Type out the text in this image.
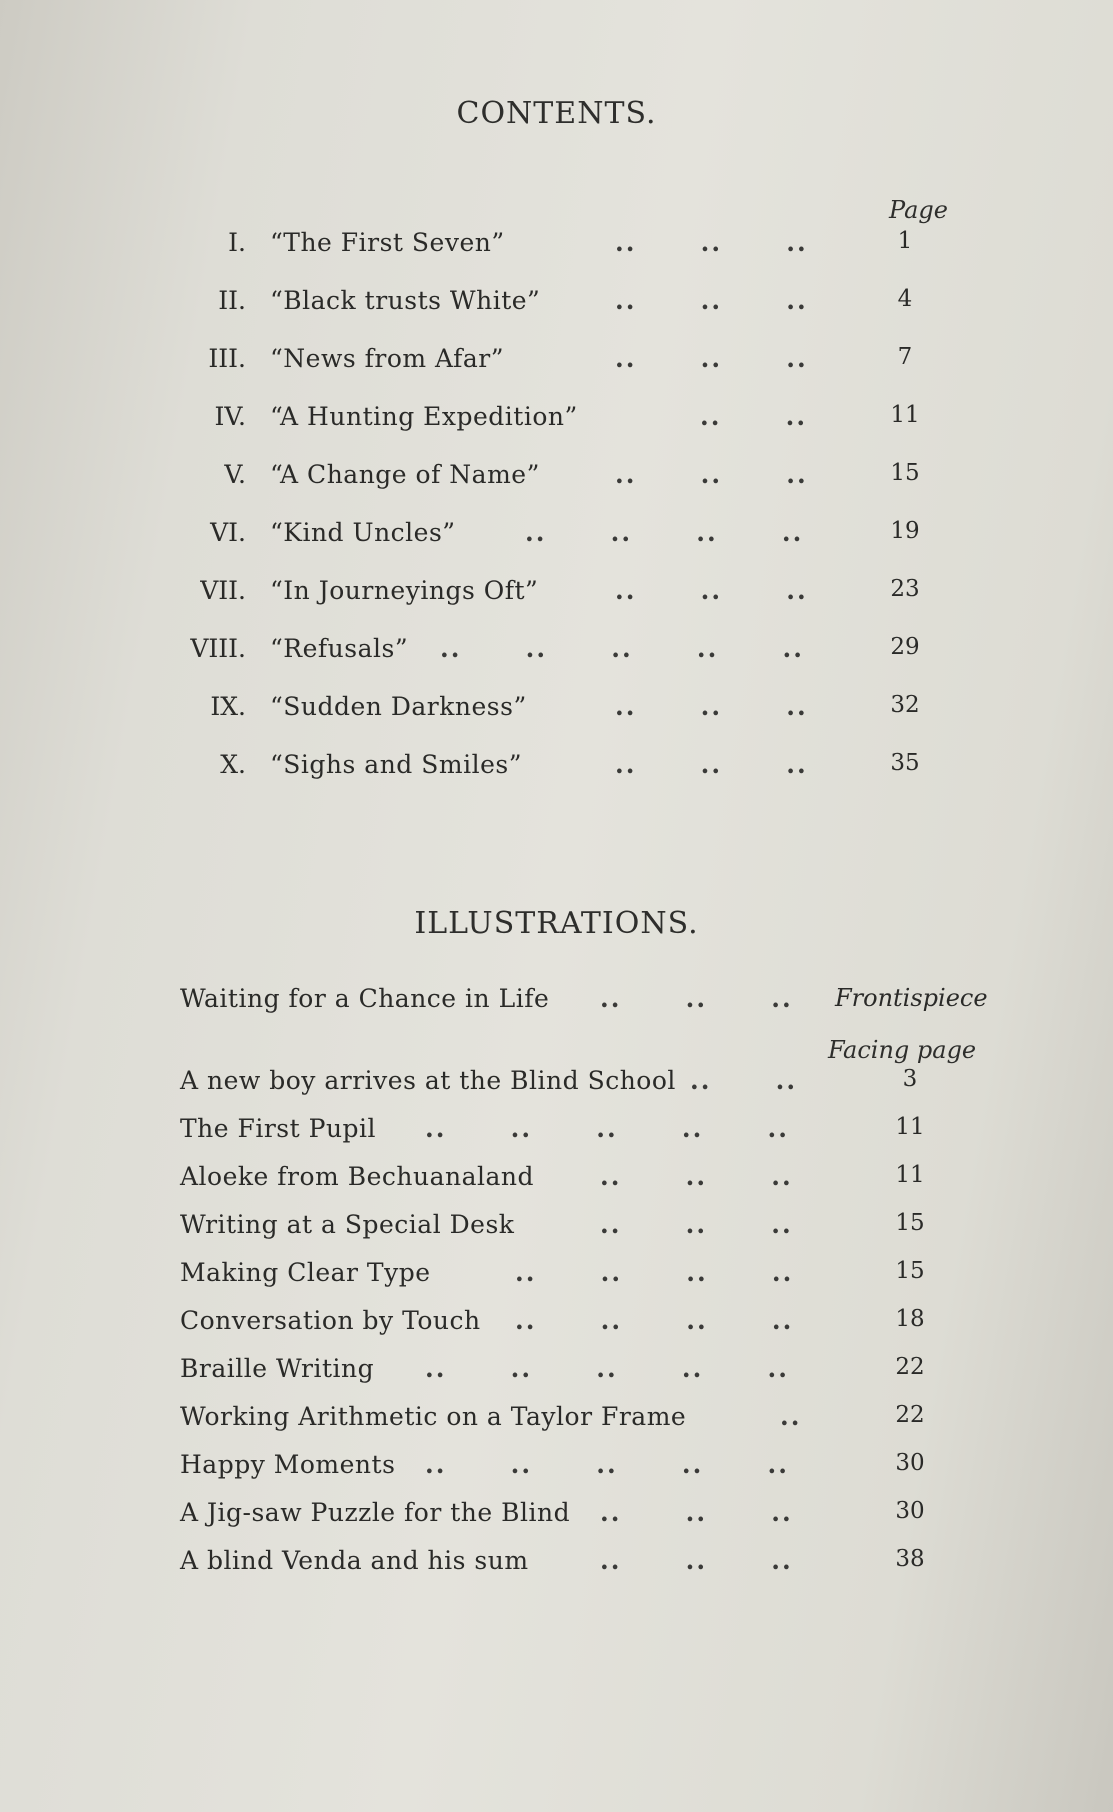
CONTENTS.
Page
I. “The First Seven”	..      ..      ..	1
II. “Black trusts White”	..      ..      ..	4
III. “News from Afar”	..      ..      ..	7
IV. “A Hunting Expedition”	..      ..	11
V. “A Change of Name”	..      ..      ..	15
VI. “Kind Uncles”	..      ..      ..      ..	19
VII. “In Journeyings Oft”	..      ..      ..	23
VIII. “Refusals” ..      ..      ..      ..      ..	29
IX. “Sudden Darkness”	..      ..      ..	32
X. “Sighs and Smiles”	..      ..      ..	35
ILLUSTRATIONS.
Waiting for a Chance in Life ..      ..      .. Frontispiece
Facing page
A new boy arrives at the Blind School ..      ..	3
The First Pupil ..      ..      ..      ..      ..	11
Aloeke from Bechuanaland	..      ..      ..	11
Writing at a Special Desk	..      ..      ..	15
Making Clear Type	..      ..      ..      ..	15
Conversation by Touch ..      ..      ..      ..	18
Braille Writing ..      ..      ..      ..      ..	22
Working Arithmetic on a Taylor Frame	..	22
Happy Moments ..      ..      ..      ..      ..	30
A Jig-saw Puzzle for the Blind ..      ..      ..	30
A blind Venda and his sum	..      ..      ..	38
